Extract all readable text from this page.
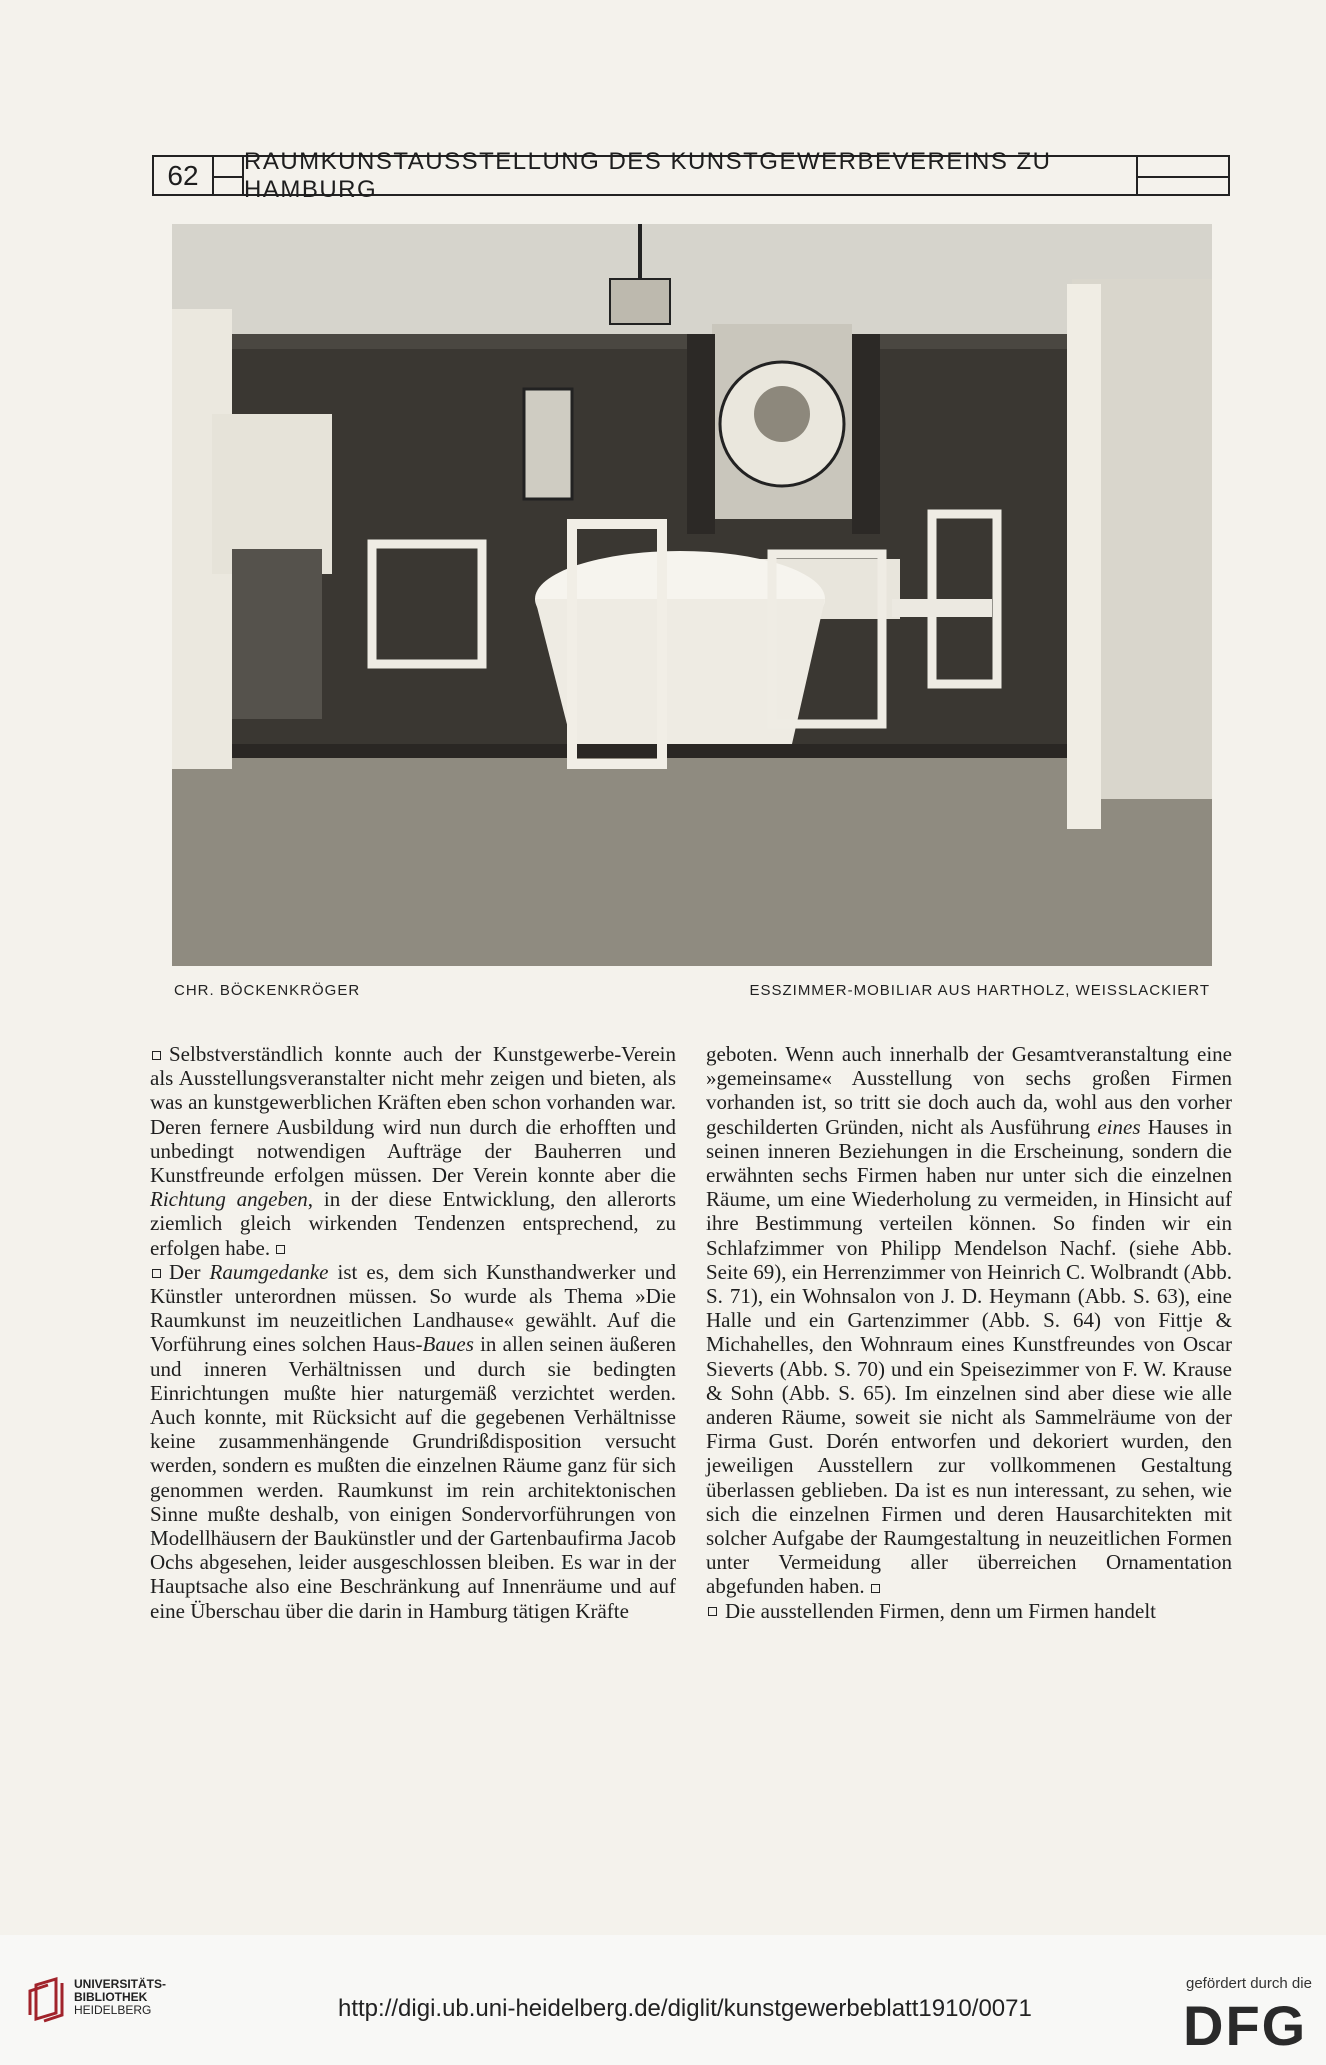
62	RAUMKUNSTAUSSTELLUNG DES KUNSTGEWERBEVEREINS ZU HAMBURG
CHR. BÖCKENKRÖGER	ESSZIMMER-MOBILIAR AUS HARTHOLZ, WEISSLACKIERT

Selbstverständlich konnte auch der Kunstgewerbe-Verein als Ausstellungsveranstalter nicht mehr zeigen und bieten, als was an kunstgewerblichen Kräften eben schon vorhanden war. Deren fernere Ausbildung wird nun durch die erhofften und unbedingt notwendigen Aufträge der Bauherren und Kunstfreunde erfolgen müssen. Der Verein konnte aber die Richtung angeben, in der diese Entwicklung, den allerorts ziemlich gleich wirkenden Tendenzen entsprechend, zu erfolgen habe.

Der Raumgedanke ist es, dem sich Kunsthandwerker und Künstler unterordnen müssen. So wurde als Thema »Die Raumkunst im neuzeitlichen Landhause« gewählt. Auf die Vorführung eines solchen Haus-Baues in allen seinen äußeren und inneren Verhältnissen und durch sie bedingten Einrichtungen mußte hier naturgemäß verzichtet werden. Auch konnte, mit Rücksicht auf die gegebenen Verhältnisse keine zusammenhängende Grundrißdisposition versucht werden, sondern es mußten die einzelnen Räume ganz für sich genommen werden. Raumkunst im rein architektonischen Sinne mußte deshalb, von einigen Sondervorführungen von Modellhäusern der Baukünstler und der Gartenbaufirma Jacob Ochs abgesehen, leider ausgeschlossen bleiben. Es war in der Hauptsache also eine Beschränkung auf Innenräume und auf eine Überschau über die darin in Hamburg tätigen Kräfte

geboten. Wenn auch innerhalb der Gesamtveranstaltung eine »gemeinsame« Ausstellung von sechs großen Firmen vorhanden ist, so tritt sie doch auch da, wohl aus den vorher geschilderten Gründen, nicht als Ausführung eines Hauses in seinen inneren Beziehungen in die Erscheinung, sondern die erwähnten sechs Firmen haben nur unter sich die einzelnen Räume, um eine Wiederholung zu vermeiden, in Hinsicht auf ihre Bestimmung verteilen können. So finden wir ein Schlafzimmer von Philipp Mendelson Nachf. (siehe Abb. Seite 69), ein Herrenzimmer von Heinrich C. Wolbrandt (Abb. S. 71), ein Wohnsalon von J. D. Heymann (Abb. S. 63), eine Halle und ein Gartenzimmer (Abb. S. 64) von Fittje & Michahelles, den Wohnraum eines Kunstfreundes von Oscar Sieverts (Abb. S. 70) und ein Speisezimmer von F. W. Krause & Sohn (Abb. S. 65). Im einzelnen sind aber diese wie alle anderen Räume, soweit sie nicht als Sammelräume von der Firma Gust. Dorén entworfen und dekoriert wurden, den jeweiligen Ausstellern zur vollkommenen Gestaltung überlassen geblieben. Da ist es nun interessant, zu sehen, wie sich die einzelnen Firmen und deren Hausarchitekten mit solcher Aufgabe der Raumgestaltung in neuzeitlichen Formen unter Vermeidung aller überreichen Ornamentation abgefunden haben.

Die ausstellenden Firmen, denn um Firmen handelt

UNIVERSITÄTS-
BIBLIOTHEK
HEIDELBERG	http://digi.ub.uni-heidelberg.de/diglit/kunstgewerbeblatt1910/0071
gefördert durch die
DFG
